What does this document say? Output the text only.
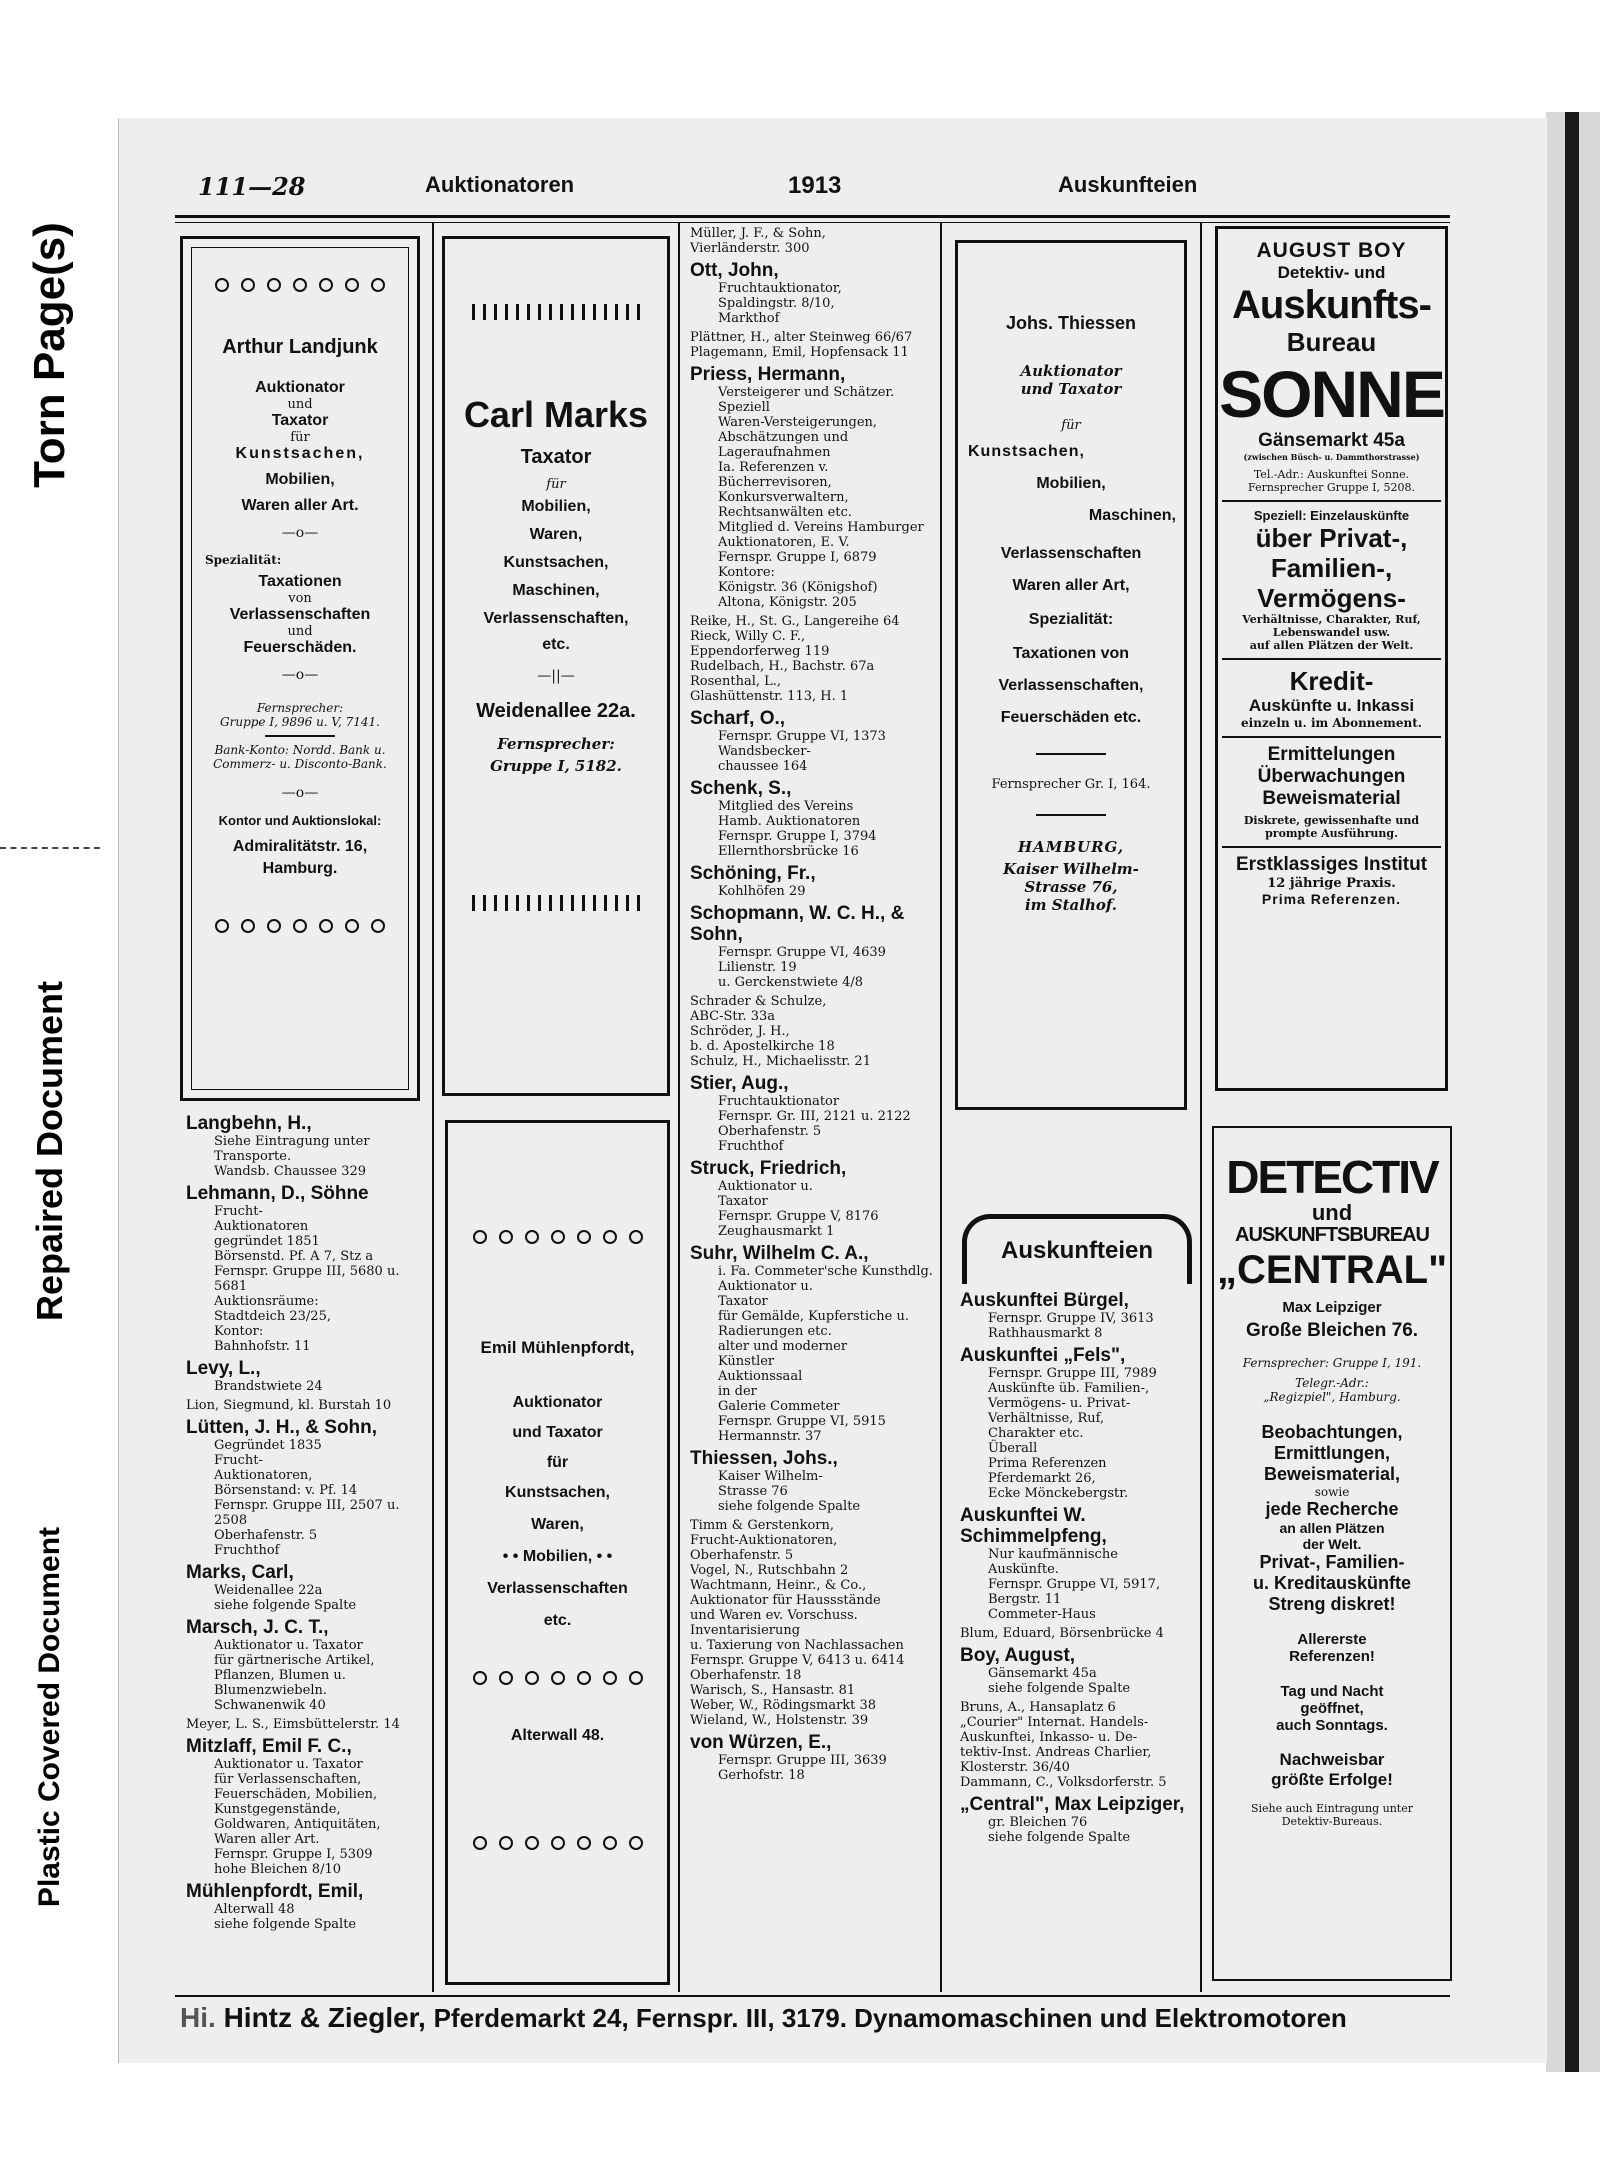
Torn Page(s)
Repaired Document
Plastic Covered Document
111—28	Auktionatoren	1913	Auskunfteien
Arthur Landjunk
Auktionator
und
Taxator
für
Kunstsachen,
Mobilien,
Waren aller Art.
—o—
Spezialität:
Taxationen
von
Verlassenschaften
und
Feuerschäden.
—o—
Fernsprecher:
Gruppe I, 9896 u. V, 7141.
Bank-Konto: Nordd. Bank u.
Commerz- u. Disconto-Bank.
—o—
Kontor und Auktionslokal:
Admiralitätstr. 16,
Hamburg.
Carl Marks
Taxator
für
Mobilien,
Waren,
Kunstsachen,
Maschinen,
Verlassenschaften,
etc.
—||—
Weidenallee 22a.
Fernsprecher:
Gruppe I, 5182.
Emil Mühlenpfordt,
Auktionator
und Taxator
für
Kunstsachen,
Waren,
• • Mobilien, • •
Verlassenschaften
etc.
Alterwall 48.
Johs. Thiessen
Auktionator
und Taxator
für
Kunstsachen,
Mobilien,
Maschinen,
Verlassenschaften
Waren aller Art,
Spezialität:
Taxationen von
Verlassenschaften,
Feuerschäden etc.
Fernsprecher Gr. I, 164.
HAMBURG,
Kaiser Wilhelm-
Strasse 76,
im Stalhof.
AUGUST BOY
Detektiv- und
Auskunfts-
Bureau
SONNE
Gänsemarkt 45a
(zwischen Büsch- u. Dammthorstrasse)
Tel.-Adr.: Auskunftei Sonne.
Fernsprecher Gruppe I, 5208.
Speziell: Einzelauskünfte
über Privat-,
Familien-,
Vermögens-
Verhältnisse, Charakter, Ruf,
Lebenswandel usw.
auf allen Plätzen der Welt.
Kredit-
Auskünfte u. Inkassi
einzeln u. im Abonnement.
Ermittelungen
Überwachungen
Beweismaterial
Diskrete, gewissenhafte und
prompte Ausführung.
Erstklassiges Institut
12 jährige Praxis.
Prima Referenzen.
DETECTIV
und
AUSKUNFTSBUREAU
„CENTRAL"
Max Leipziger
Große Bleichen 76.
Fernsprecher: Gruppe I, 191.
Telegr.-Adr.:
„Regizpiel", Hamburg.
Beobachtungen,
Ermittlungen,
Beweismaterial,
sowie
jede Recherche
an allen Plätzen
der Welt.
Privat-, Familien-
u. Kreditauskünfte
Streng diskret!
Allererste
Referenzen!
Tag und Nacht
geöffnet,
auch Sonntags.
Nachweisbar
größte Erfolge!
Siehe auch Eintragung unter
Detektiv-Bureaus.
Auskunfteien
Langbehn, H.,
Siehe Eintragung unter
Transporte.
Wandsb. Chaussee 329
Lehmann, D., Söhne
Frucht-
Auktionatoren
gegründet 1851
Börsenstd. Pf. A 7, Stz a
Fernspr. Gruppe III, 5680 u. 5681
Auktionsräume:
Stadtdeich 23/25,
Kontor:
Bahnhofstr. 11
Levy, L.,
Brandstwiete 24
Lion, Siegmund, kl. Burstah 10
Lütten, J. H., & Sohn,
Gegründet 1835
Frucht-
Auktionatoren,
Börsenstand: v. Pf. 14
Fernspr. Gruppe III, 2507 u. 2508
Oberhafenstr. 5
Fruchthof
Marks, Carl,
Weidenallee 22a
siehe folgende Spalte
Marsch, J. C. T.,
Auktionator u. Taxator
für gärtnerische Artikel,
Pflanzen, Blumen u.
Blumenzwiebeln.
Schwanenwik 40
Meyer, L. S., Eimsbüttelerstr. 14
Mitzlaff, Emil F. C.,
Auktionator u. Taxator
für Verlassenschaften,
Feuerschäden, Mobilien,
Kunstgegenstände,
Goldwaren, Antiquitäten,
Waren aller Art.
Fernspr. Gruppe I, 5309
hohe Bleichen 8/10
Mühlenpfordt, Emil,
Alterwall 48
siehe folgende Spalte
Müller, J. F., & Sohn,
Vierländerstr. 300
Ott, John,
Fruchtauktionator,
Spaldingstr. 8/10,
Markthof
Plättner, H., alter Steinweg 66/67
Plagemann, Emil, Hopfensack 11
Priess, Hermann,
Versteigerer und Schätzer.
Speziell
Waren-Versteigerungen,
Abschätzungen und
Lageraufnahmen
Ia. Referenzen v. Bücherrevisoren,
Konkursverwaltern,
Rechtsanwälten etc.
Mitglied d. Vereins Hamburger
Auktionatoren, E. V.
Fernspr. Gruppe I, 6879
Kontore:
Königstr. 36 (Königshof)
Altona, Königstr. 205
Reike, H., St. G., Langereihe 64
Rieck, Willy C. F.,
Eppendorferweg 119
Rudelbach, H., Bachstr. 67a
Rosenthal, L.,
Glashüttenstr. 113, H. 1
Scharf, O.,
Fernspr. Gruppe VI, 1373
Wandsbecker-
chaussee 164
Schenk, S.,
Mitglied des Vereins
Hamb. Auktionatoren
Fernspr. Gruppe I, 3794
Ellernthorsbrücke 16
Schöning, Fr.,
Kohlhöfen 29
Schopmann, W. C. H., & Sohn,
Fernspr. Gruppe VI, 4639
Lilienstr. 19
u. Gerckenstwiete 4/8
Schrader & Schulze,
ABC-Str. 33a
Schröder, J. H.,
b. d. Apostelkirche 18
Schulz, H., Michaelisstr. 21
Stier, Aug.,
Fruchtauktionator
Fernspr. Gr. III, 2121 u. 2122
Oberhafenstr. 5
Fruchthof
Struck, Friedrich,
Auktionator u.
Taxator
Fernspr. Gruppe V, 8176
Zeughausmarkt 1
Suhr, Wilhelm C. A.,
i. Fa. Commeter'sche Kunsthdlg.
Auktionator u.
Taxator
für Gemälde, Kupferstiche u.
Radierungen etc.
alter und moderner
Künstler
Auktionssaal
in der
Galerie Commeter
Fernspr. Gruppe VI, 5915
Hermannstr. 37
Thiessen, Johs.,
Kaiser Wilhelm-
Strasse 76
siehe folgende Spalte
Timm & Gerstenkorn,
Frucht-Auktionatoren,
Oberhafenstr. 5
Vogel, N., Rutschbahn 2
Wachtmann, Heinr., & Co.,
Auktionator für Haussstände
und Waren ev. Vorschuss.
Inventarisierung
u. Taxierung von Nachlassachen
Fernspr. Gruppe V, 6413 u. 6414
Oberhafenstr. 18
Warisch, S., Hansastr. 81
Weber, W., Rödingsmarkt 38
Wieland, W., Holstenstr. 39
von Würzen, E.,
Fernspr. Gruppe III, 3639
Gerhofstr. 18
Auskunftei Bürgel,
Fernspr. Gruppe IV, 3613
Rathhausmarkt 8
Auskunftei „Fels",
Fernspr. Gruppe III, 7989
Auskünfte üb. Familien-,
Vermögens- u. Privat-
Verhältnisse, Ruf,
Charakter etc.
Überall
Prima Referenzen
Pferdemarkt 26,
Ecke Mönckebergstr.
Auskunftei W. Schimmelpfeng,
Nur kaufmännische
Auskünfte.
Fernspr. Gruppe VI, 5917,
Bergstr. 11
Commeter-Haus
Blum, Eduard, Börsenbrücke 4
Boy, August,
Gänsemarkt 45a
siehe folgende Spalte
Bruns, A., Hansaplatz 6
„Courier" Internat. Handels-
Auskunftei, Inkasso- u. De-
tektiv-Inst. Andreas Charlier,
Klosterstr. 36/40
Dammann, C., Volksdorferstr. 5
„Central", Max Leipziger,
gr. Bleichen 76
siehe folgende Spalte
Hi. Hintz & Ziegler, Pferdemarkt 24, Fernspr. III, 3179. Dynamomaschinen und Elektromotoren
